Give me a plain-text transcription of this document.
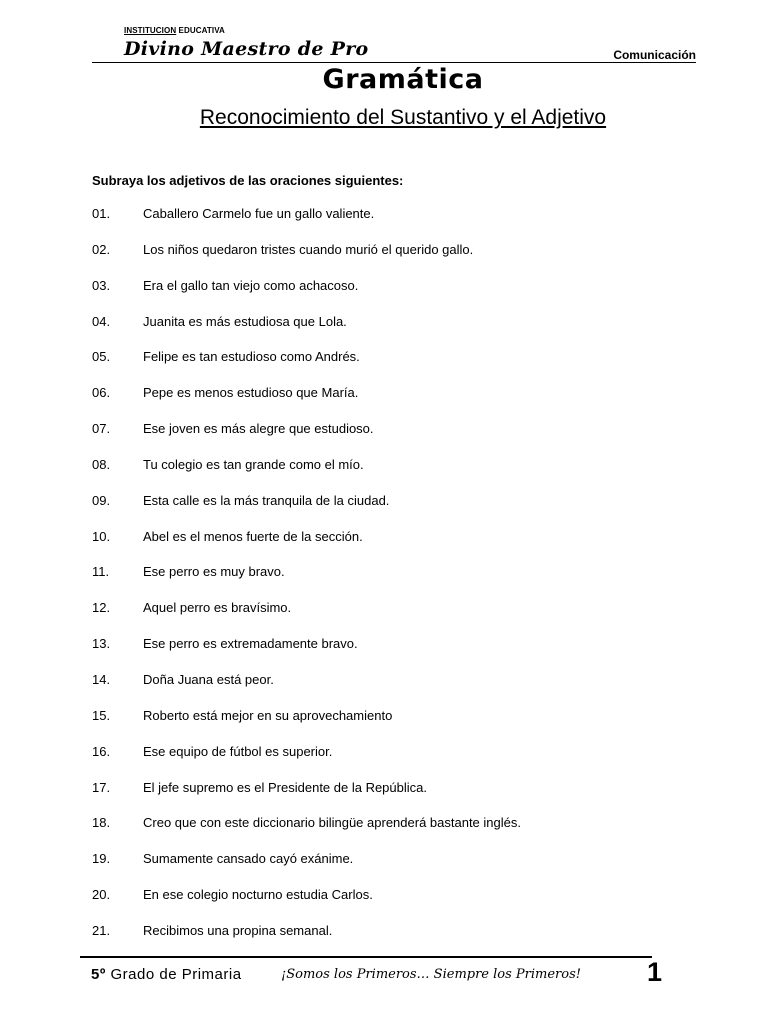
INSTITUCION EDUCATIVA
Divino Maestro de Pro	Comunicación
Gramática
Reconocimiento del Sustantivo y el Adjetivo
Subraya los adjetivos de las oraciones siguientes:
01.	Caballero Carmelo fue un gallo valiente.
02.	Los niños quedaron tristes cuando murió el querido gallo.
03.	Era el gallo tan viejo como achacoso.
04.	Juanita es más estudiosa que Lola.
05.	Felipe es tan estudioso como Andrés.
06.	Pepe es menos estudioso que María.
07.	Ese joven es más alegre que estudioso.
08.	Tu colegio es tan grande como el mío.
09.	Esta calle es la más tranquila de la ciudad.
10.	Abel es el menos fuerte de la sección.
11.	Ese perro es muy bravo.
12.	Aquel perro es bravísimo.
13.	Ese perro es extremadamente bravo.
14.	Doña Juana está peor.
15.	Roberto está mejor en su aprovechamiento
16.	Ese equipo de fútbol es superior.
17.	El jefe supremo es el Presidente de la República.
18.	Creo que con este diccionario bilingüe aprenderá bastante inglés.
19.	Sumamente cansado cayó exánime.
20.	En ese colegio nocturno estudia Carlos.
21.	Recibimos una propina semanal.
5º Grado de Primaria	¡Somos los Primeros… Siempre los Primeros! 1
